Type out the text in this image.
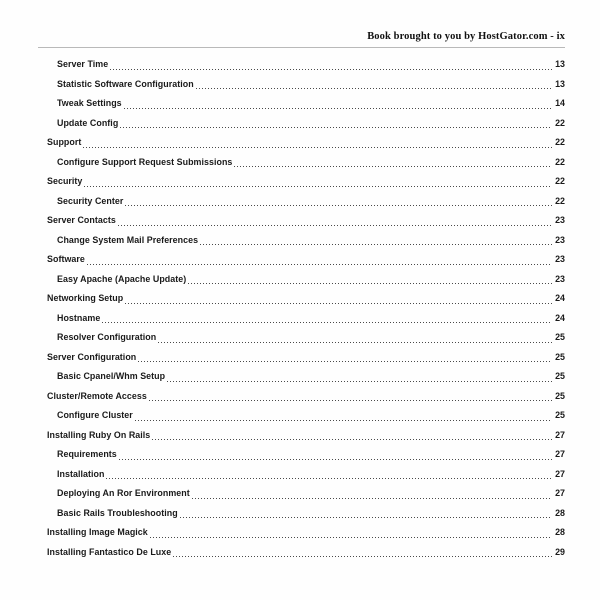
Book brought to you by HostGator.com - ix
Server Time	13
Statistic Software Configuration	13
Tweak Settings	14
Update Config	22
Support	22
Configure Support Request Submissions	22
Security	22
Security Center	22
Server Contacts	23
Change System Mail Preferences	23
Software	23
Easy Apache (Apache Update)	23
Networking Setup	24
Hostname	24
Resolver Configuration	25
Server Configuration	25
Basic Cpanel/Whm Setup	25
Cluster/Remote Access	25
Configure Cluster	25
Installing Ruby On Rails	27
Requirements	27
Installation	27
Deploying An Ror Environment	27
Basic Rails Troubleshooting	28
Installing Image Magick	28
Installing Fantastico De Luxe	29
